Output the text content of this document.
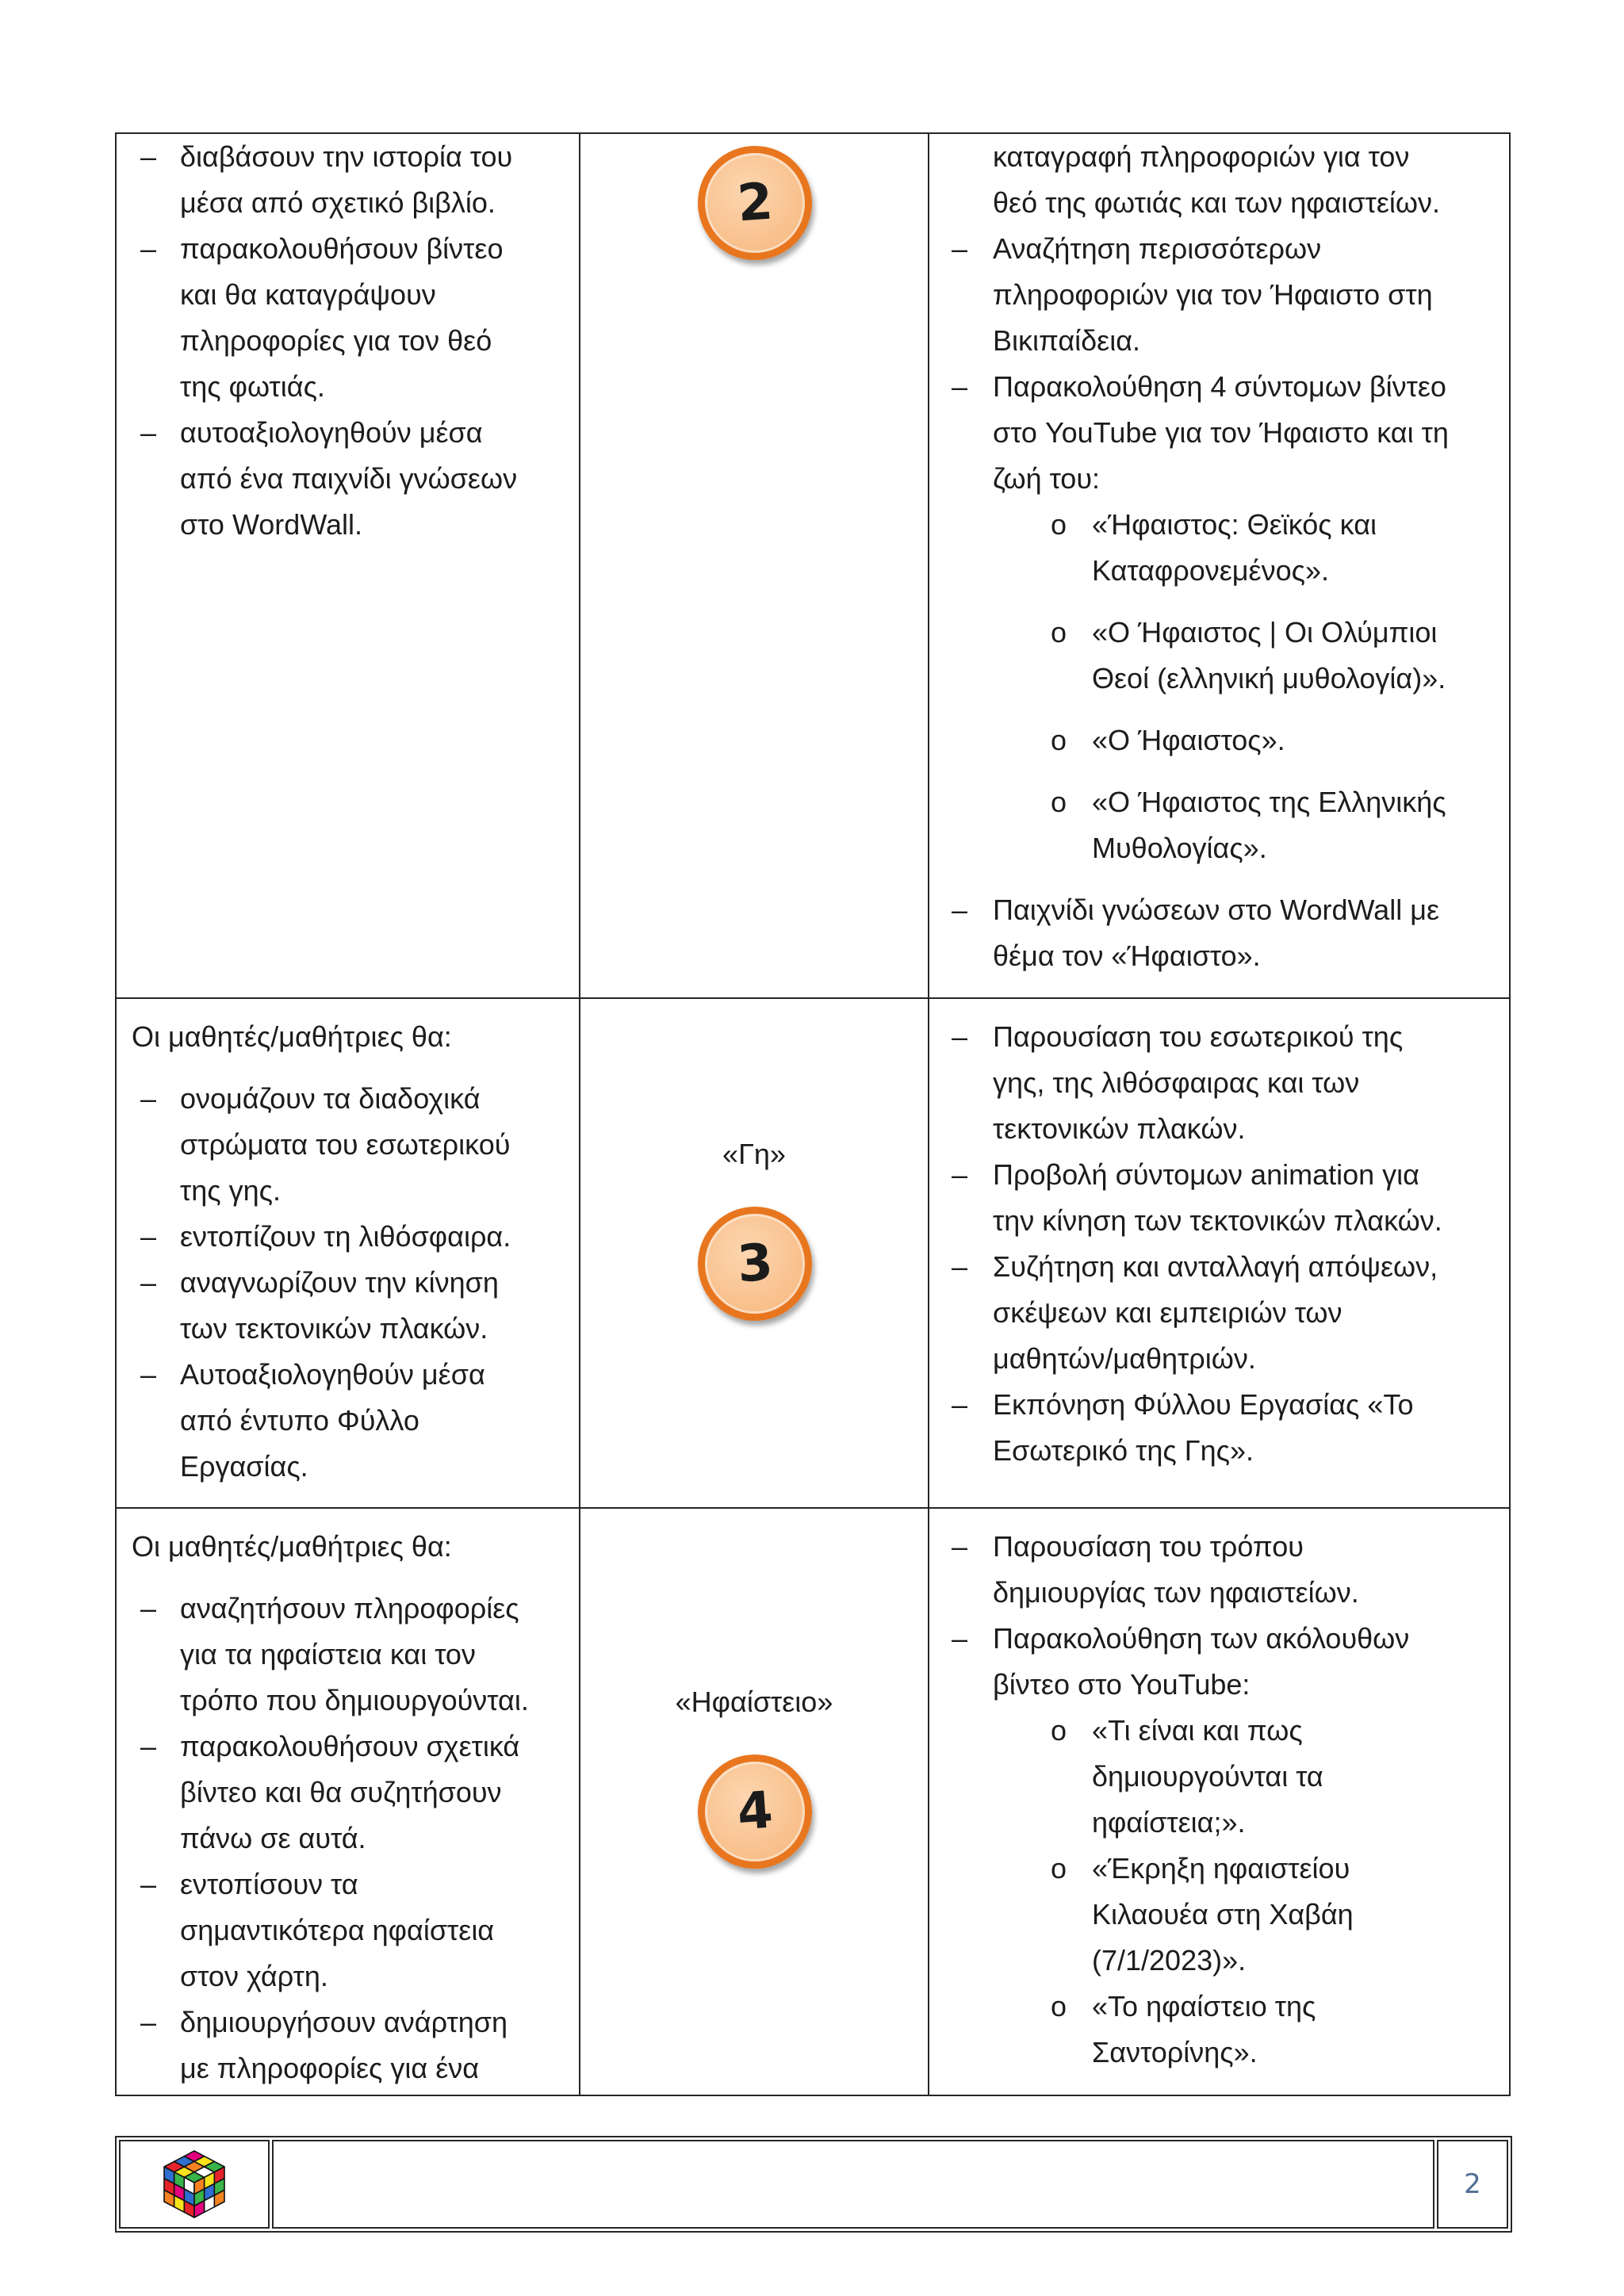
– διαβάσουν την ιστορία του
μέσα από σχετικό βιβλίο.
– παρακολουθήσουν βίντεο
και θα καταγράψουν
πληροφορίες για τον θεό
της φωτιάς.
– αυτοαξιολογηθούν μέσα
από ένα παιχνίδι γνώσεων
στο WordWall.
2
καταγραφή πληροφοριών για τον
θεό της φωτιάς και των ηφαιστείων.
– Αναζήτηση περισσότερων
πληροφοριών για τον Ήφαιστο στη
Βικιπαίδεια.
– Παρακολούθηση 4 σύντομων βίντεο
στο YouTube για τον Ήφαιστο και τη
ζωή του:
o «Ήφαιστος: Θεϊκός και
Καταφρονεμένος».
o «Ο Ήφαιστος | Οι Ολύμπιοι
Θεοί (ελληνική μυθολογία)».
o «Ο Ήφαιστος».
o «Ο Ήφαιστος της Ελληνικής
Μυθολογίας».
– Παιχνίδι γνώσεων στο WordWall με
θέμα τον «Ήφαιστο».
Οι μαθητές/μαθήτριες θα:
– ονομάζουν τα διαδοχικά
στρώματα του εσωτερικού
της γης.
– εντοπίζουν τη λιθόσφαιρα.
– αναγνωρίζουν την κίνηση
των τεκτονικών πλακών.
– Αυτοαξιολογηθούν μέσα
από έντυπο Φύλλο
Εργασίας.
«Γη»
3
– Παρουσίαση του εσωτερικού της
γης, της λιθόσφαιρας και των
τεκτονικών πλακών.
– Προβολή σύντομων animation για
την κίνηση των τεκτονικών πλακών.
– Συζήτηση και ανταλλαγή απόψεων,
σκέψεων και εμπειριών των
μαθητών/μαθητριών.
– Εκπόνηση Φύλλου Εργασίας «Το
Εσωτερικό της Γης».
Οι μαθητές/μαθήτριες θα:
– αναζητήσουν πληροφορίες
για τα ηφαίστεια και τον
τρόπο που δημιουργούνται.
– παρακολουθήσουν σχετικά
βίντεο και θα συζητήσουν
πάνω σε αυτά.
– εντοπίσουν τα
σημαντικότερα ηφαίστεια
στον χάρτη.
– δημιουργήσουν ανάρτηση
με πληροφορίες για ένα
«Ηφαίστειο»
4
– Παρουσίαση του τρόπου
δημιουργίας των ηφαιστείων.
– Παρακολούθηση των ακόλουθων
βίντεο στο YouTube:
o «Τι είναι και πως
δημιουργούνται τα
ηφαίστεια;».
o «Έκρηξη ηφαιστείου
Κιλαουέα στη Χαβάη
(7/1/2023)».
o «Το ηφαίστειο της
Σαντορίνης».
2
